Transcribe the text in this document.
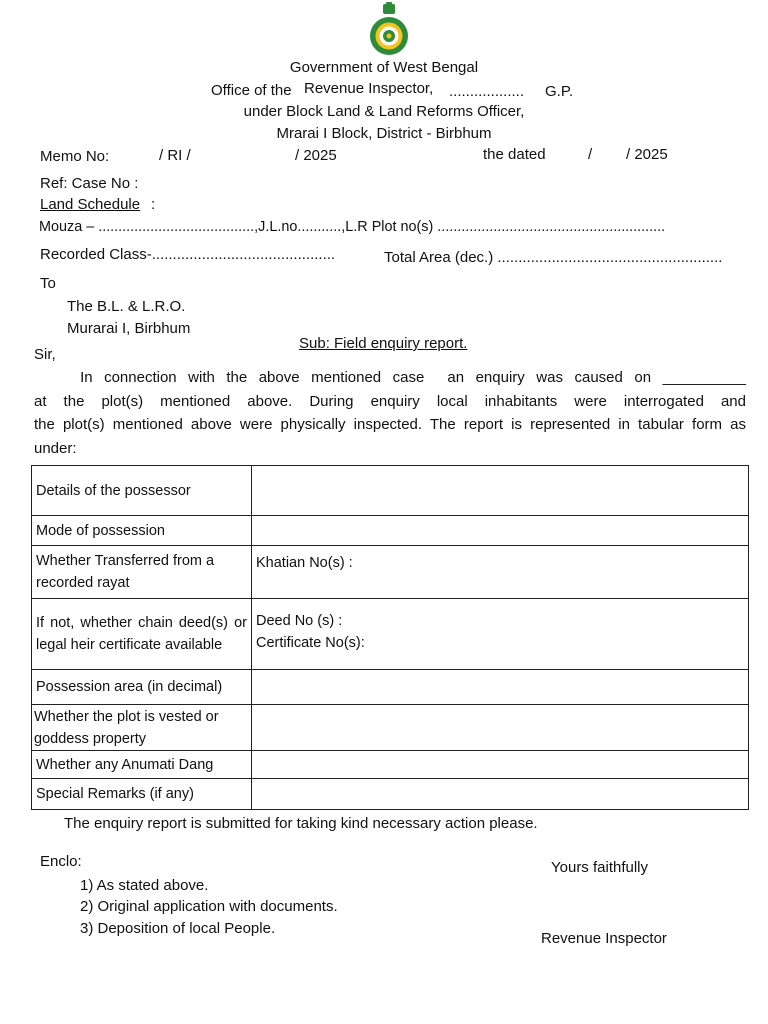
Government of West Bengal
Office of the Revenue Inspector, .................. G.P.
under Block Land & Land Reforms Officer,
Mrarai I Block, District - Birbhum
Memo No:	/ RI /	/ 2025	the dated	/ / 2025
Ref: Case No :
Land Schedule :
Mouza – .......................................,J.L.no...........,L.R Plot no(s) .........................................................
Recorded Class-............................................	Total Area (dec.) ......................................................
To
The B.L. & L.R.O.
Murarai I, Birbhum
Sub: Field enquiry report.
Sir,
In connection with the above mentioned case  an enquiry was caused on __________
at the plot(s) mentioned above. During enquiry local inhabitants were interrogated and
the plot(s) mentioned above were physically inspected. The report is represented in tabular form as
under:
Details of the possessor	
Mode of possession	
Whether Transferred from a recorded rayat	Khatian No(s) :

If not, whether chain deed(s) or legal heir certificate available	Deed No (s) :
Certificate No(s):

Possession area (in decimal)	
Whether the plot is vested or goddess property	
Whether any Anumati Dang	
Special Remarks (if any)	
The enquiry report is submitted for taking kind necessary action please.
Enclo:	Yours faithfully
1) As stated above.
2) Original application with documents.
3) Deposition of local People.
Revenue Inspector
